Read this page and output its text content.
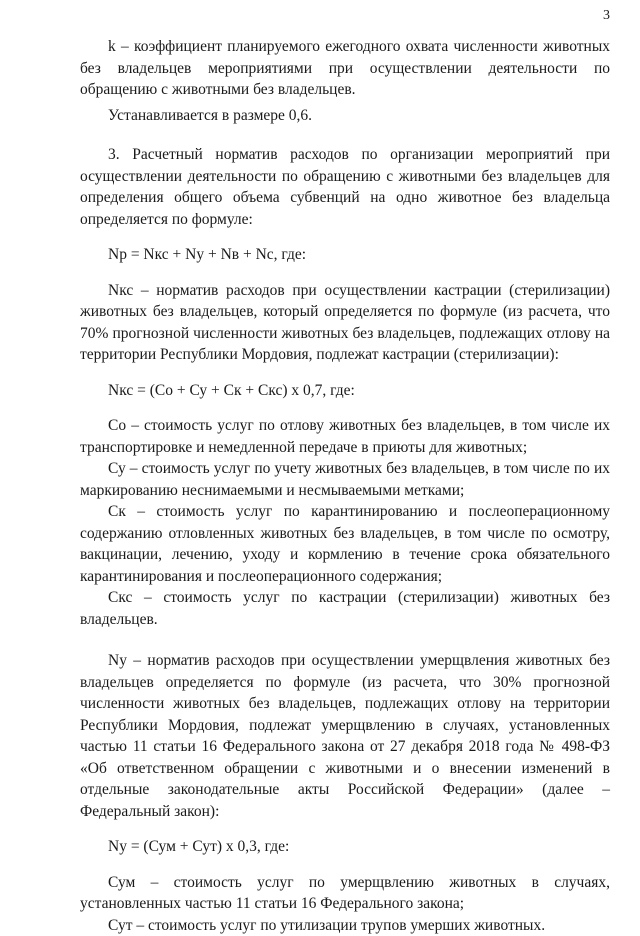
3

k – коэффициент планируемого ежегодного охвата численности животных без владельцев мероприятиями при осуществлении деятельности по обращению с животными без владельцев.

Устанавливается в размере 0,6.

3. Расчетный норматив расходов по организации мероприятий при осуществлении деятельности по обращению с животными без владельцев для определения общего объема субвенций на одно животное без владельца определяется по формуле:

Nр = Nкс + Nу + Nв + Nс, где:

Nкс – норматив расходов при осуществлении кастрации (стерилизации) животных без владельцев, который определяется по формуле (из расчета, что 70% прогнозной численности животных без владельцев, подлежащих отлову на территории Республики Мордовия, подлежат кастрации (стерилизации):

Nкс = (Со + Су + Ск + Скс) х 0,7, где:

Со – стоимость услуг по отлову животных без владельцев, в том числе их транспортировке и немедленной передаче в приюты для животных;

Су – стоимость услуг по учету животных без владельцев, в том числе по их маркированию неснимаемыми и несмываемыми метками;

Ск – стоимость услуг по карантинированию и послеоперационному содержанию отловленных животных без владельцев, в том числе по осмотру, вакцинации, лечению, уходу и кормлению в течение срока обязательного карантинирования и послеоперационного содержания;

Скс – стоимость услуг по кастрации (стерилизации) животных без владельцев.

Nу – норматив расходов при осуществлении умерщвления животных без владельцев определяется по формуле (из расчета, что 30% прогнозной численности животных без владельцев, подлежащих отлову на территории Республики Мордовия, подлежат умерщвлению в случаях, установленных частью 11 статьи 16 Федерального закона от 27 декабря 2018 года № 498-ФЗ «Об ответственном обращении с животными и о внесении изменений в отдельные законодательные акты Российской Федерации» (далее – Федеральный закон):

Nу = (Сум + Сут) х 0,3, где:

Сум – стоимость услуг по умерщвлению животных в случаях, установленных частью 11 статьи 16 Федерального закона;

Сут – стоимость услуг по утилизации трупов умерших животных.
